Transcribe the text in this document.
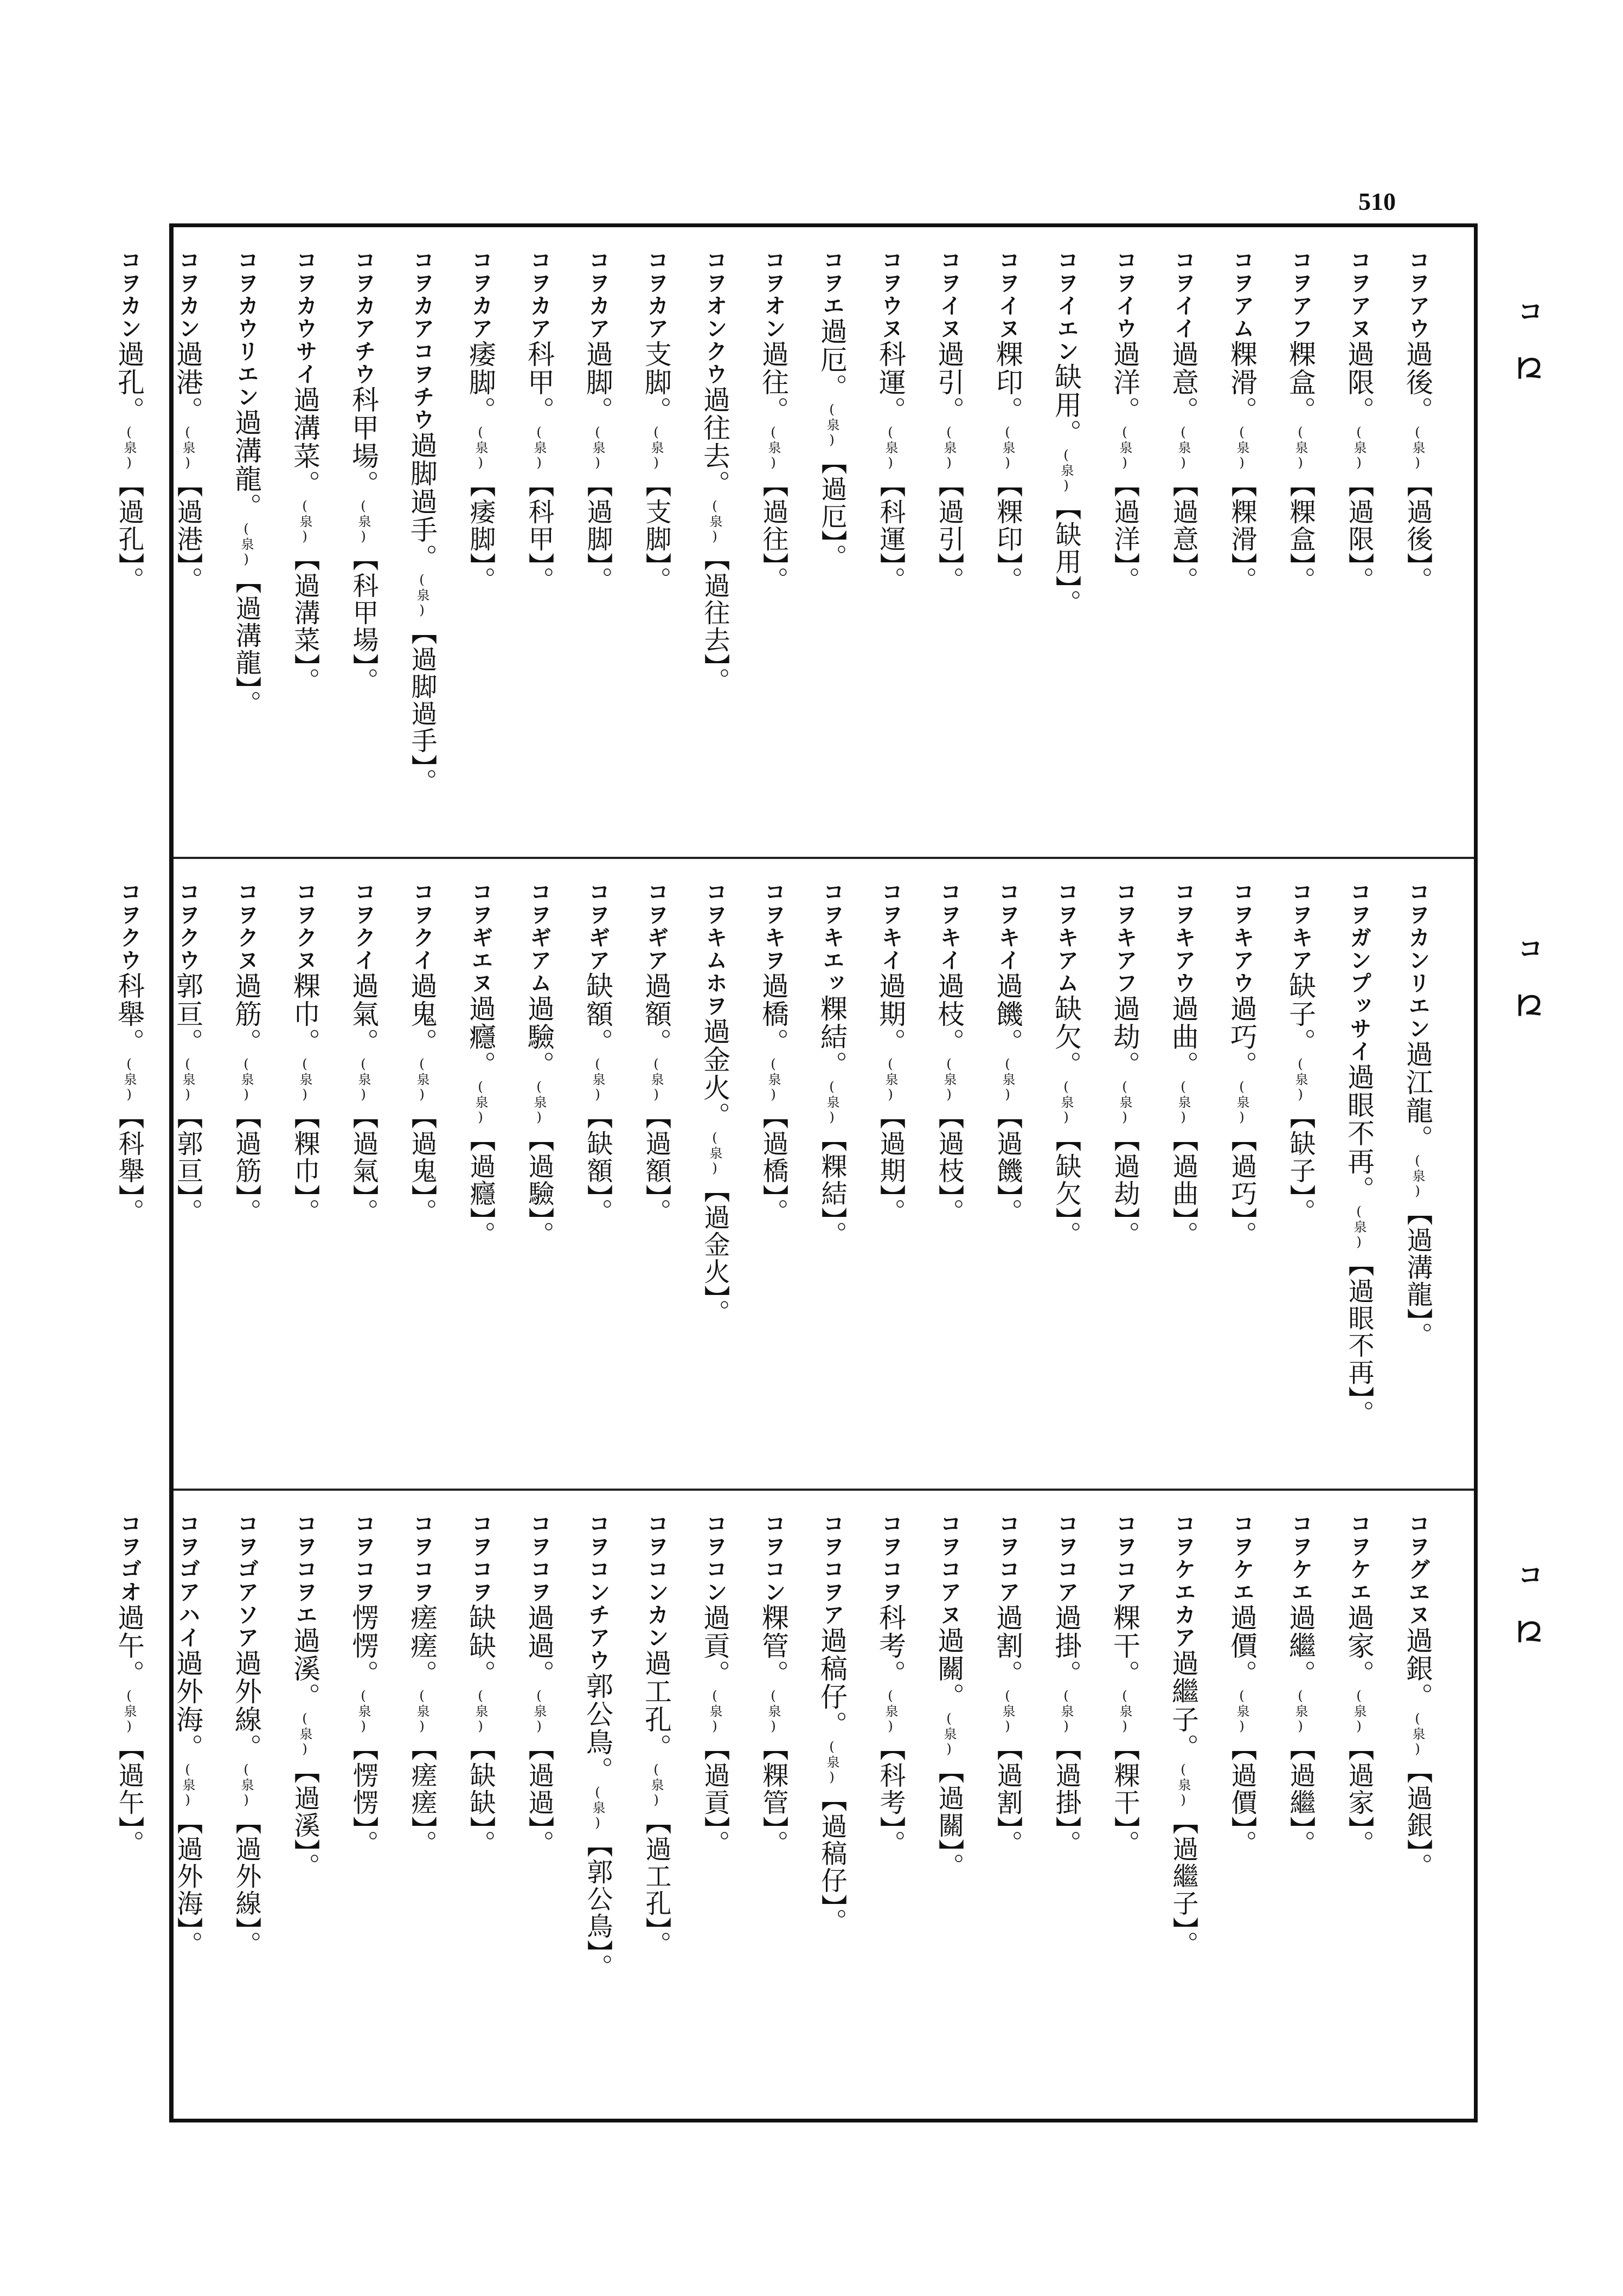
510
コ 𛀁
コヲアウ過後。(泉)【過後】。
コヲアヌ過限。(泉)【過限】。
コヲアフ粿盒。(泉)【粿盒】。
コヲアム粿滑。(泉)【粿滑】。
コヲイイ過意。(泉)【過意】。
コヲイウ過洋。(泉)【過洋】。
コヲイエン缺用。(泉)【缺用】。
コヲイヌ粿印。(泉)【粿印】。
コヲイヌ過引。(泉)【過引】。
コヲウヌ科運。(泉)【科運】。
コヲエ過厄。(泉)【過厄】。
コヲオン過往。(泉)【過往】。
コヲオンクウ過往去。(泉)【過往去】。
コヲカア支脚。(泉)【支脚】。
コヲカア過脚。(泉)【過脚】。
コヲカア科甲。(泉)【科甲】。
コヲカア痿脚。(泉)【痿脚】。
コヲカアコヲチウ過脚過手。(泉)【過脚過手】。
コヲカアチウ科甲場。(泉)【科甲場】。
コヲカウサイ過溝菜。(泉)【過溝菜】。
コヲカウリエン過溝龍。(泉)【過溝龍】。
コヲカン過港。(泉)【過港】。
コヲカン過孔。(泉)【過孔】。
コ 𛀁
コヲカンリエン過江龍。(泉)【過溝龍】。
コヲガンプッサイ過眼不再。(泉)【過眼不再】。
コヲキア缺子。(泉)【缺子】。
コヲキアウ過巧。(泉)【過巧】。
コヲキアウ過曲。(泉)【過曲】。
コヲキアフ過劫。(泉)【過劫】。
コヲキアム缺欠。(泉)【缺欠】。
コヲキイ過饑。(泉)【過饑】。
コヲキイ過枝。(泉)【過枝】。
コヲキイ過期。(泉)【過期】。
コヲキエッ粿結。(泉)【粿結】。
コヲキヲ過橋。(泉)【過橋】。
コヲキムホヲ過金火。(泉)【過金火】。
コヲギア過額。(泉)【過額】。
コヲギア缺額。(泉)【缺額】。
コヲギアム過驗。(泉)【過驗】。
コヲギエヌ過癮。(泉)【過癮】。
コヲクイ過鬼。(泉)【過鬼】。
コヲクイ過氣。(泉)【過氣】。
コヲクヌ粿巾。(泉)【粿巾】。
コヲクヌ過筋。(泉)【過筋】。
コヲクウ郭亘。(泉)【郭亘】。
コヲクウ科舉。(泉)【科舉】。
コ 𛀁
コヲグヱヌ過銀。(泉)【過銀】。
コヲケエ過家。(泉)【過家】。
コヲケエ過繼。(泉)【過繼】。
コヲケエ過價。(泉)【過價】。
コヲケエカア過繼子。(泉)【過繼子】。
コヲコア粿干。(泉)【粿干】。
コヲコア過掛。(泉)【過掛】。
コヲコア過割。(泉)【過割】。
コヲコアヌ過關。(泉)【過關】。
コヲコヲ科考。(泉)【科考】。
コヲコヲア過稿仔。(泉)【過稿仔】。
コヲコン粿管。(泉)【粿管】。
コヲコン過貢。(泉)【過貢】。
コヲコンカン過工孔。(泉)【過工孔】。
コヲコンチアウ郭公鳥。(泉)【郭公鳥】。
コヲコヲ過過。(泉)【過過】。
コヲコヲ缺缺。(泉)【缺缺】。
コヲコヲ瘥瘥。(泉)【瘥瘥】。
コヲコヲ愣愣。(泉)【愣愣】。
コヲコヲエ過溪。(泉)【過溪】。
コヲゴアソア過外線。(泉)【過外線】。
コヲゴアハイ過外海。(泉)【過外海】。
コヲゴオ過午。(泉)【過午】。
